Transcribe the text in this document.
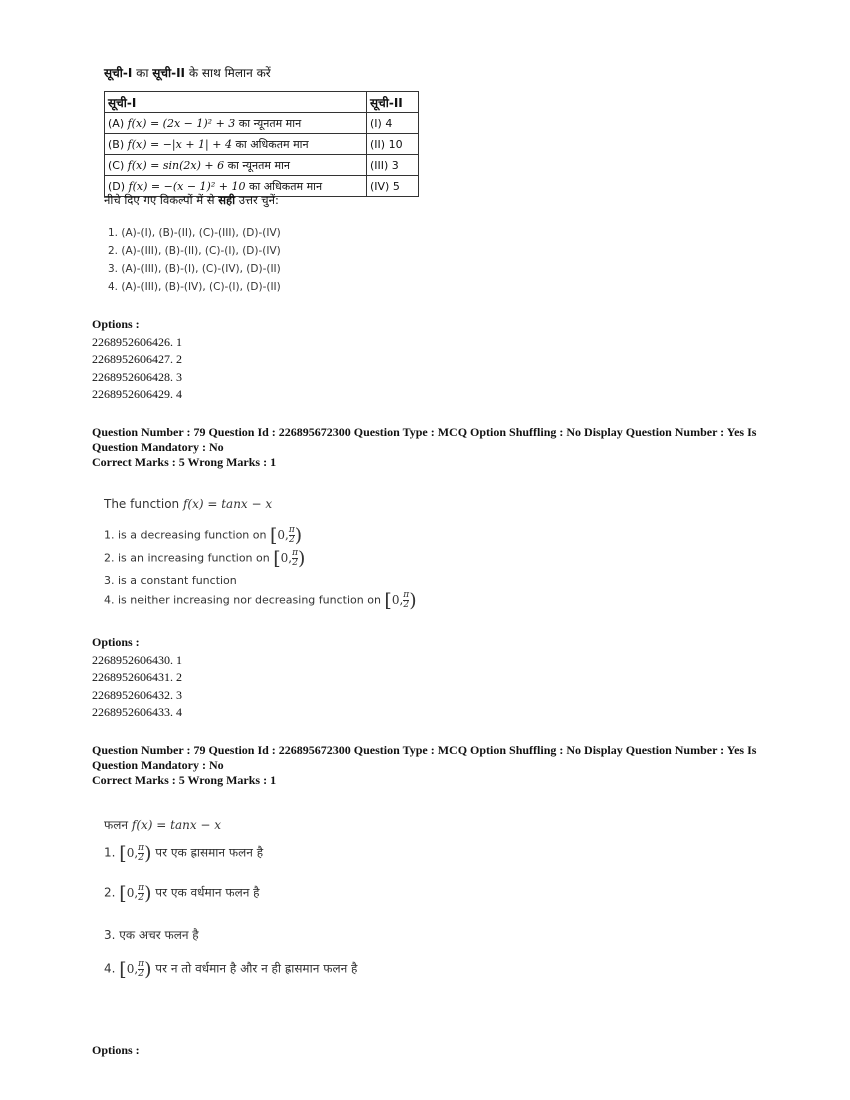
सूची-I का सूची-II के साथ मिलान करें
सूची-I	सूची-II
(A) f(x) = (2x − 1)² + 3 का न्यूनतम मान	(I) 4
(B) f(x) = −|x + 1| + 4 का अधिकतम मान	(II) 10
(C) f(x) = sin(2x) + 6 का न्यूनतम मान	(III) 3
(D) f(x) = −(x − 1)² + 10 का अधिकतम मान	(IV) 5
नीचे दिए गए विकल्पों में से सही उत्तर चुनें:
1. (A)-(I), (B)-(II), (C)-(III), (D)-(IV)
2. (A)-(III), (B)-(II), (C)-(I), (D)-(IV)
3. (A)-(III), (B)-(I), (C)-(IV), (D)-(II)
4. (A)-(III), (B)-(IV), (C)-(I), (D)-(II)
Options :
2268952606426. 1
2268952606427. 2
2268952606428. 3
2268952606429. 4
Question Number : 79 Question Id : 226895672300 Question Type : MCQ Option Shuffling : No Display Question Number : Yes Is Question Mandatory : No
Correct Marks : 5 Wrong Marks : 1
The function f(x) = tanx − x
1. is a decreasing function on [0, $\frac{\pi}{2}$ )
2. is an increasing function on [0, $\frac{\pi}{2}$ )
3. is a constant function
4. is neither increasing nor decreasing function on [0, $\frac{\pi}{2}$ )
Options :
2268952606430. 1
2268952606431. 2
2268952606432. 3
2268952606433. 4
Question Number : 79 Question Id : 226895672300 Question Type : MCQ Option Shuffling : No Display Question Number : Yes Is Question Mandatory : No
Correct Marks : 5 Wrong Marks : 1
फलन f(x) = tanx − x
1. [0, $\frac{\pi}{2}$ ) पर एक ह्रासमान फलन है
2. [0, $\frac{\pi}{2}$ ) पर एक वर्धमान फलन है
3. एक अचर फलन है
4. [0, $\frac{\pi}{2}$ ) पर न तो वर्धमान है और न ही ह्रासमान फलन है
Options :
